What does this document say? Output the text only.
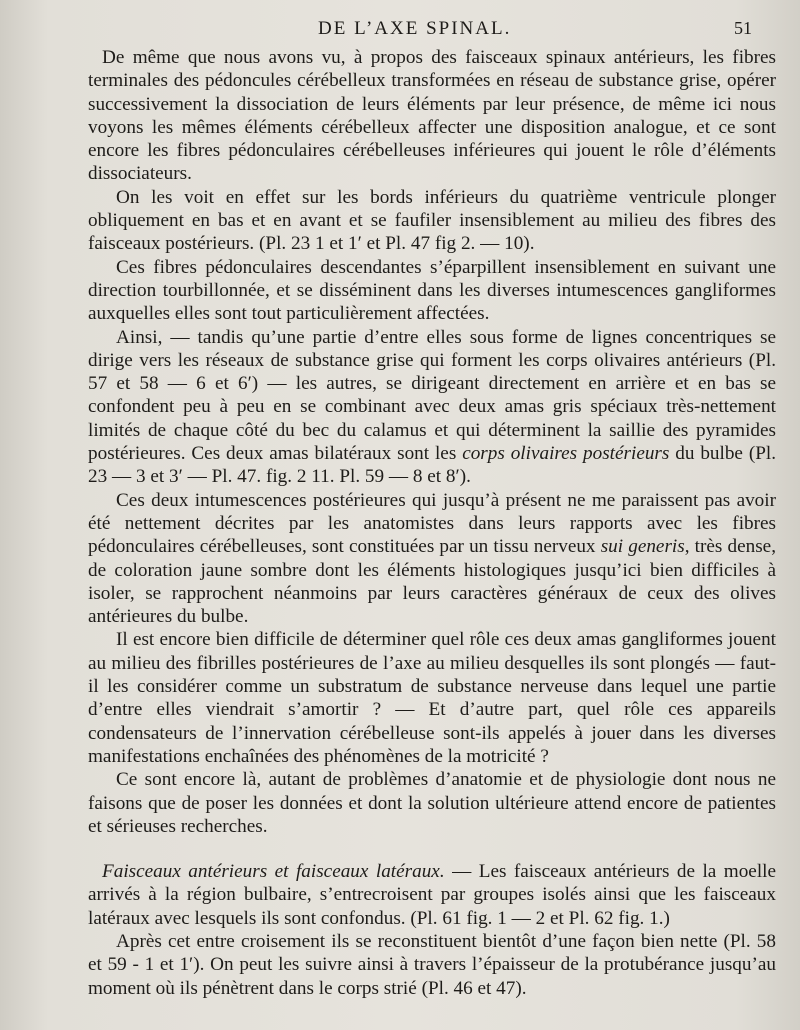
DE L’AXE SPINAL.	51

De même que nous avons vu, à propos des faisceaux spinaux antérieurs, les fibres terminales des pédoncules cérébelleux transformées en réseau de substance grise, opérer successivement la dissociation de leurs éléments par leur présence, de même ici nous voyons les mêmes éléments cérébelleux affecter une disposition analogue, et ce sont encore les fibres pédonculaires cérébelleuses inférieures qui jouent le rôle d’éléments dissociateurs.

On les voit en effet sur les bords inférieurs du quatrième ventricule plonger obliquement en bas et en avant et se faufiler insensiblement au milieu des fibres des faisceaux postérieurs. (Pl. 23 1 et 1′ et Pl. 47 fig 2. — 10).

Ces fibres pédonculaires descendantes s’éparpillent insensiblement en suivant une direction tourbillonnée, et se disséminent dans les diverses intumescences gangliformes auxquelles elles sont tout particulièrement affectées.

Ainsi, — tandis qu’une partie d’entre elles sous forme de lignes concentriques se dirige vers les réseaux de substance grise qui forment les corps olivaires antérieurs (Pl. 57 et 58 — 6 et 6′) — les autres, se dirigeant directement en arrière et en bas se confondent peu à peu en se combinant avec deux amas gris spéciaux très-nettement limités de chaque côté du bec du calamus et qui déterminent la saillie des pyramides postérieures. Ces deux amas bilatéraux sont les corps olivaires postérieurs du bulbe (Pl. 23 — 3 et 3′ — Pl. 47. fig. 2 11. Pl. 59 — 8 et 8′).

Ces deux intumescences postérieures qui jusqu’à présent ne me paraissent pas avoir été nettement décrites par les anatomistes dans leurs rapports avec les fibres pédonculaires cérébelleuses, sont constituées par un tissu nerveux sui generis, très dense, de coloration jaune sombre dont les éléments histologiques jusqu’ici bien difficiles à isoler, se rapprochent néanmoins par leurs caractères généraux de ceux des olives antérieures du bulbe.

Il est encore bien difficile de déterminer quel rôle ces deux amas gangliformes jouent au milieu des fibrilles postérieures de l’axe au milieu desquelles ils sont plongés — faut-il les considérer comme un substratum de substance nerveuse dans lequel une partie d’entre elles viendrait s’amortir ? — Et d’autre part, quel rôle ces appareils condensateurs de l’innervation cérébelleuse sont-ils appelés à jouer dans les diverses manifestations enchaînées des phénomènes de la motricité ?

Ce sont encore là, autant de problèmes d’anatomie et de physiologie dont nous ne faisons que de poser les données et dont la solution ultérieure attend encore de patientes et sérieuses recherches.

Faisceaux antérieurs et faisceaux latéraux. — Les faisceaux antérieurs de la moelle arrivés à la région bulbaire, s’entrecroisent par groupes isolés ainsi que les faisceaux latéraux avec lesquels ils sont confondus. (Pl. 61 fig. 1 — 2 et Pl. 62 fig. 1.)

Après cet entre croisement ils se reconstituent bientôt d’une façon bien nette (Pl. 58 et 59 - 1 et 1′). On peut les suivre ainsi à travers l’épaisseur de la protubérance jusqu’au moment où ils pénètrent dans le corps strié (Pl. 46 et 47).
